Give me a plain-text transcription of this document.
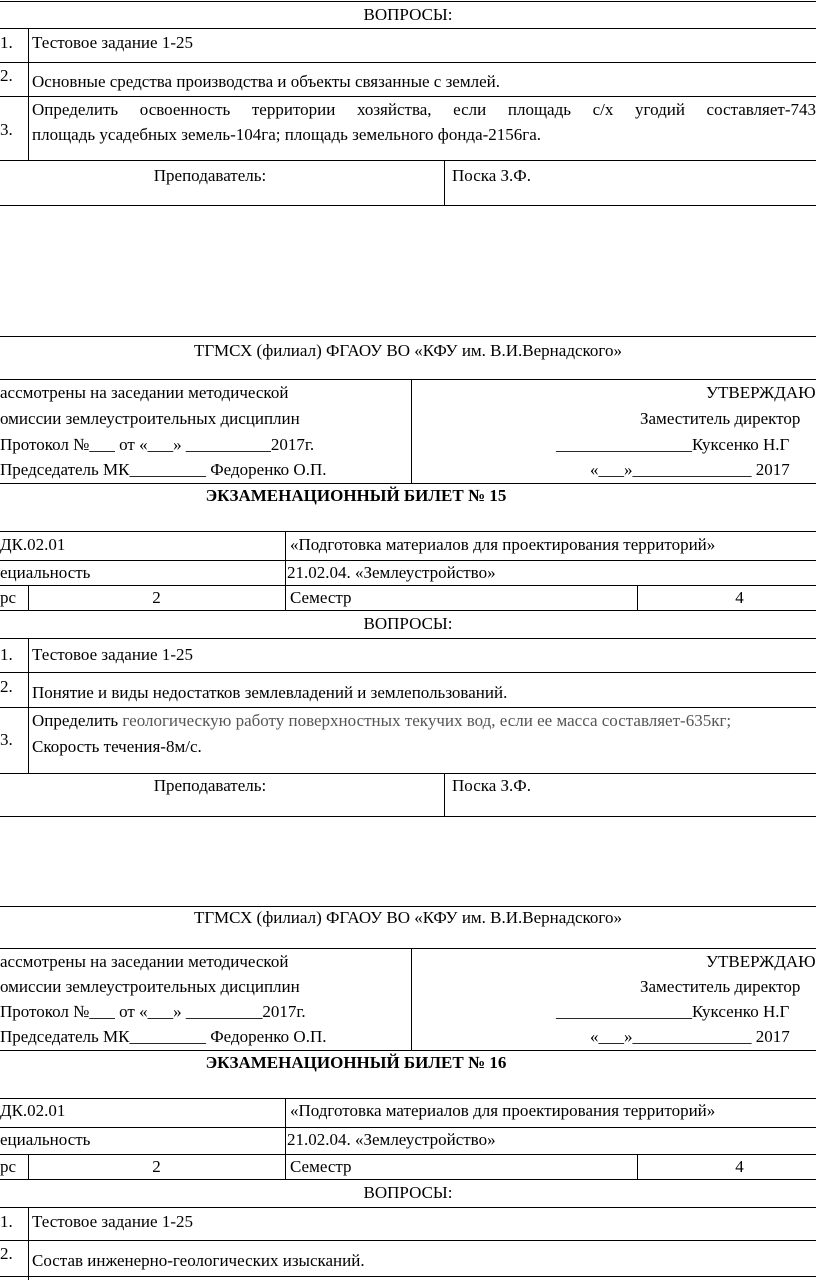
ВОПРОСЫ:
1. Тестовое задание 1-25
2. Основные средства производства и объекты связанные с землей.
3.
Определить освоенность территории хозяйства, если площадь с/х угодий составляет-743
площадь усадебных земель-104га; площадь земельного фонда-2156га.
Преподаватель:	Поска З.Ф.
ТГМСХ (филиал) ФГАОУ ВО «КФУ им. В.И.Вернадского»
ассмотрены на заседании методической
омиссии землеустроительных дисциплин
Протокол №___ от «___» __________2017г.
Председатель МК_________ Федоренко О.П.
УТВЕРЖДАЮ
Заместитель директор
________________Куксенко Н.Г
«___»______________ 2017
ЭКЗАМЕНАЦИОННЫЙ БИЛЕТ № 15
ДК.02.01	«Подготовка материалов для проектирования территорий»
ециальность	21.02.04. «Землеустройство»
рс	2	Семестр	4
ВОПРОСЫ:
1. Тестовое задание 1-25
2. Понятие и виды недостатков землевладений и землепользований.
3.
Определить геологическую работу поверхностных текучих вод, если ее масса составляет-635кг;
Скорость течения-8м/с.
Преподаватель:	Поска З.Ф.
ТГМСХ (филиал) ФГАОУ ВО «КФУ им. В.И.Вернадского»
ассмотрены на заседании методической
омиссии землеустроительных дисциплин
Протокол №___ от «___» _________2017г.
Председатель МК_________ Федоренко О.П.
УТВЕРЖДАЮ
Заместитель директор
________________Куксенко Н.Г
«___»______________ 2017
ЭКЗАМЕНАЦИОННЫЙ БИЛЕТ № 16
ДК.02.01	«Подготовка материалов для проектирования территорий»
ециальность	21.02.04. «Землеустройство»
рс	2	Семестр	4
ВОПРОСЫ:
1. Тестовое задание 1-25
2. Состав инженерно-геологических изысканий.
